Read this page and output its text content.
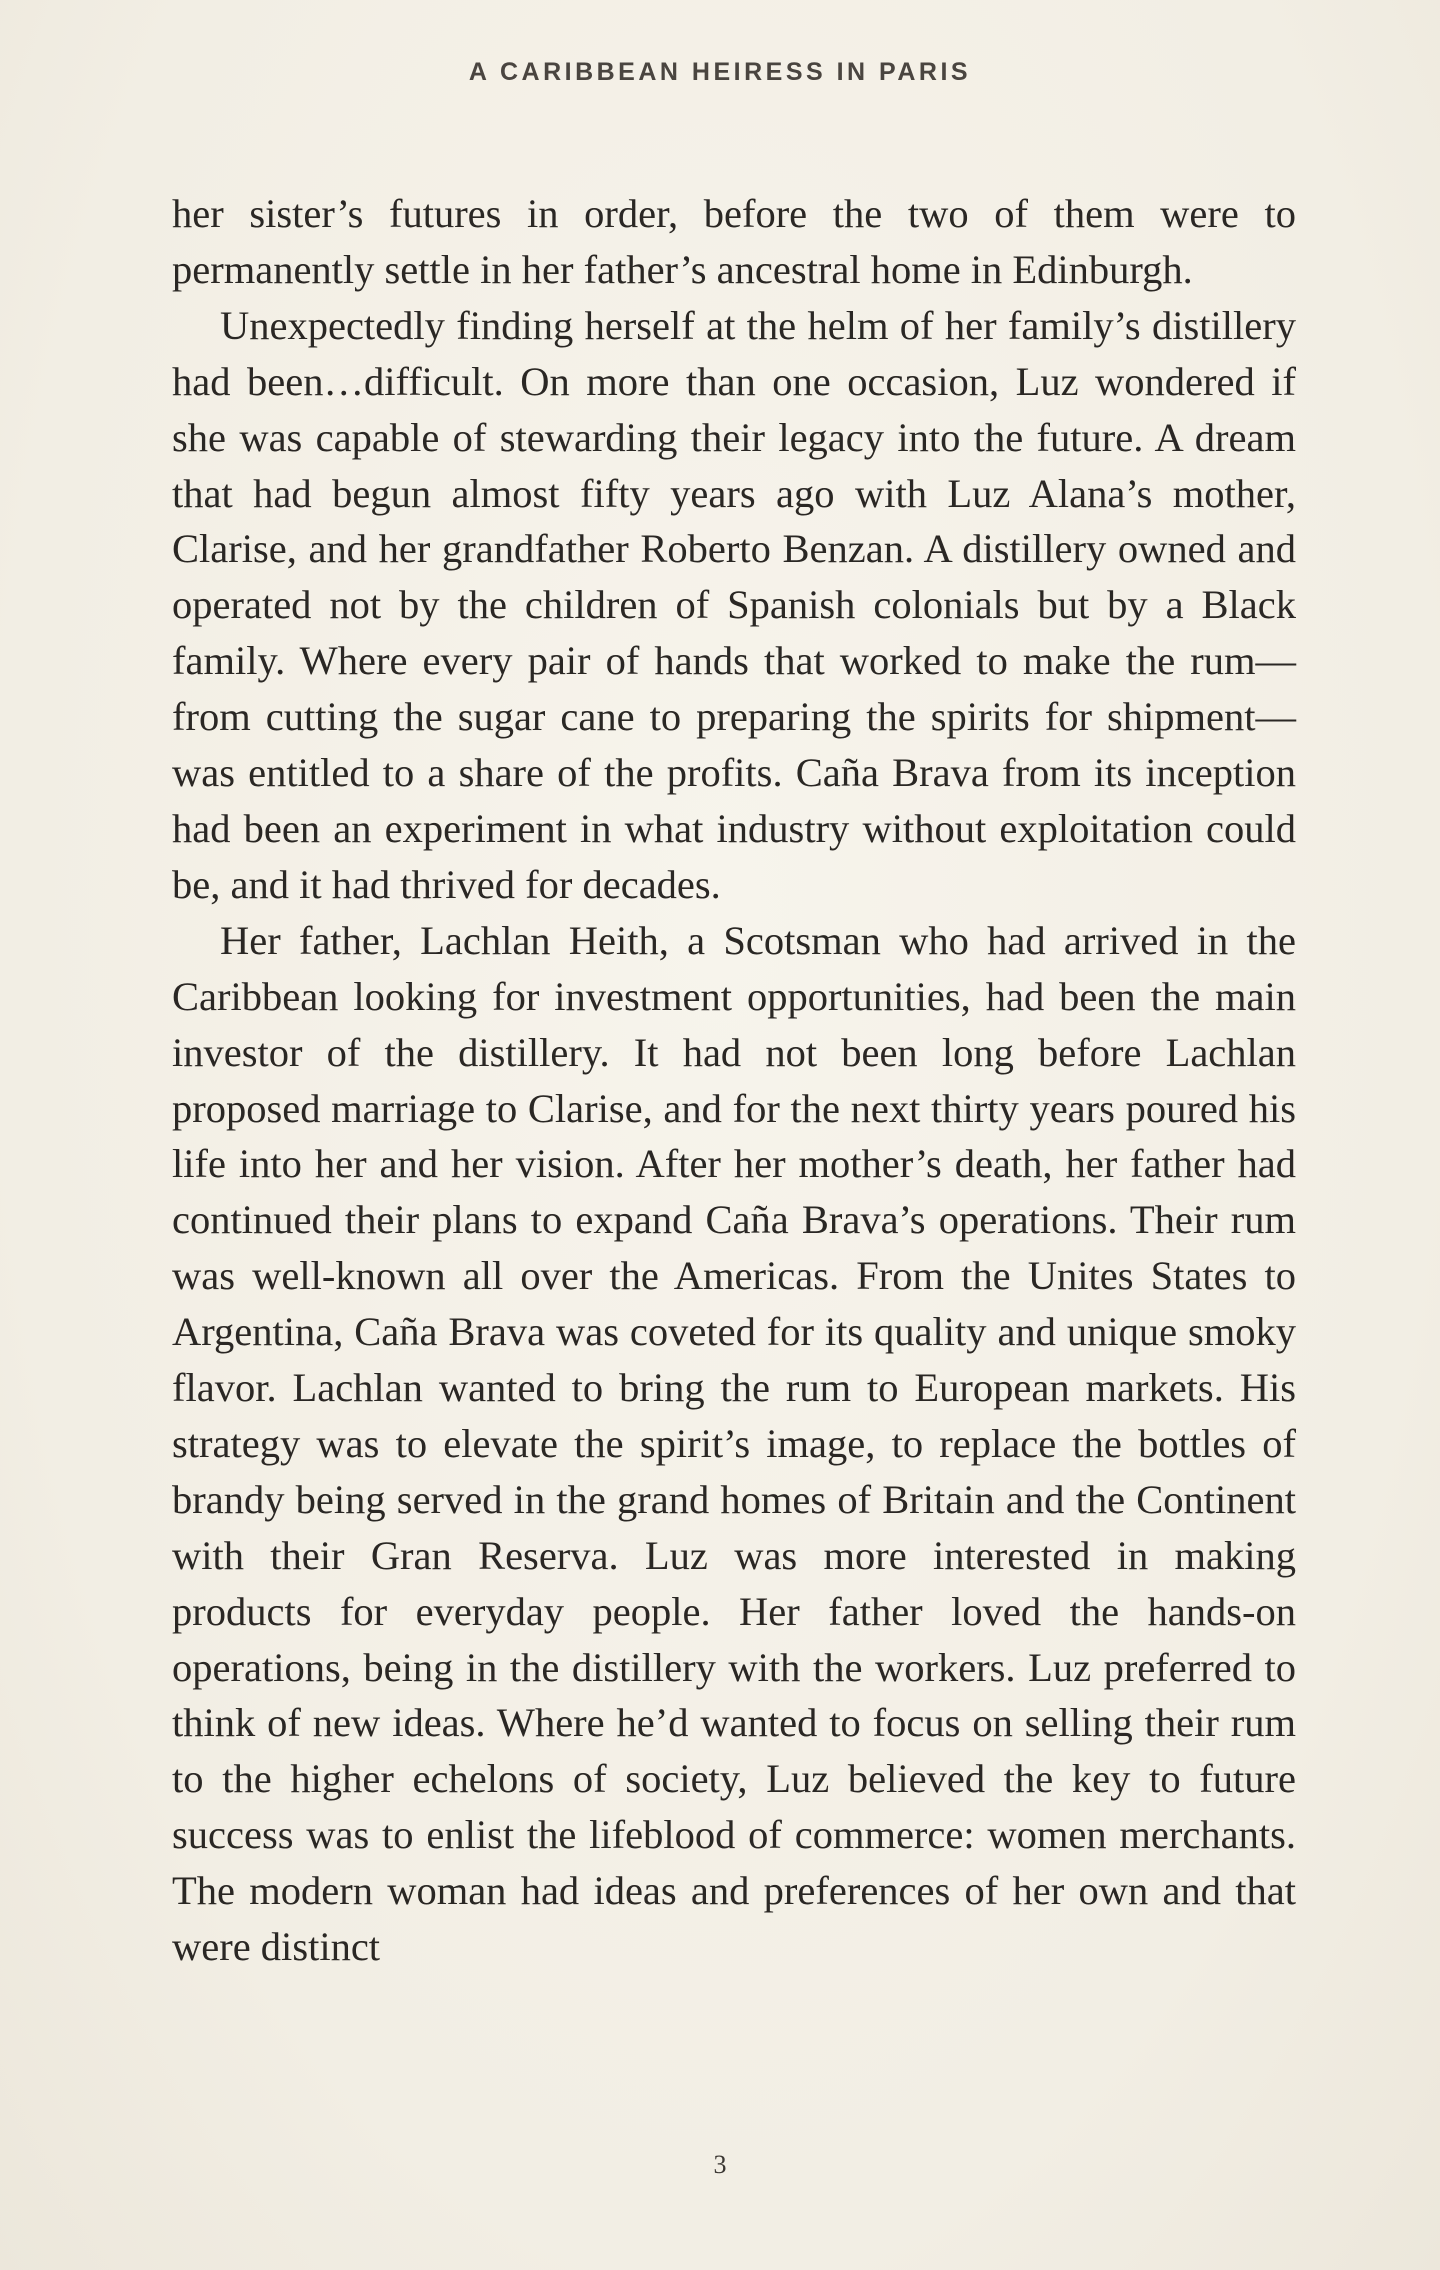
A CARIBBEAN HEIRESS IN PARIS

her sister’s futures in order, before the two of them were to permanently settle in her father’s ancestral home in Edinburgh.

Unexpectedly finding herself at the helm of her family’s distillery had been…difficult. On more than one occasion, Luz wondered if she was capable of stewarding their legacy into the future. A dream that had begun almost fifty years ago with Luz Alana’s mother, Clarise, and her grandfather Roberto Benzan. A distillery owned and operated not by the children of Spanish colonials but by a Black family. Where every pair of hands that worked to make the rum—from cutting the sugar cane to preparing the spirits for shipment—was entitled to a share of the profits. Caña Brava from its inception had been an experiment in what industry without exploitation could be, and it had thrived for decades.

Her father, Lachlan Heith, a Scotsman who had arrived in the Caribbean looking for investment opportunities, had been the main investor of the distillery. It had not been long before Lachlan proposed marriage to Clarise, and for the next thirty years poured his life into her and her vision. After her mother’s death, her father had continued their plans to expand Caña Brava’s operations. Their rum was well-known all over the Americas. From the Unites States to Argentina, Caña Brava was coveted for its quality and unique smoky flavor. Lachlan wanted to bring the rum to European markets. His strategy was to elevate the spirit’s image, to replace the bottles of brandy being served in the grand homes of Britain and the Continent with their Gran Reserva. Luz was more interested in making products for everyday people. Her father loved the hands-on operations, being in the distillery with the workers. Luz preferred to think of new ideas. Where he’d wanted to focus on selling their rum to the higher echelons of society, Luz believed the key to future success was to enlist the lifeblood of commerce: women merchants. The modern woman had ideas and preferences of her own and that were distinct

3
